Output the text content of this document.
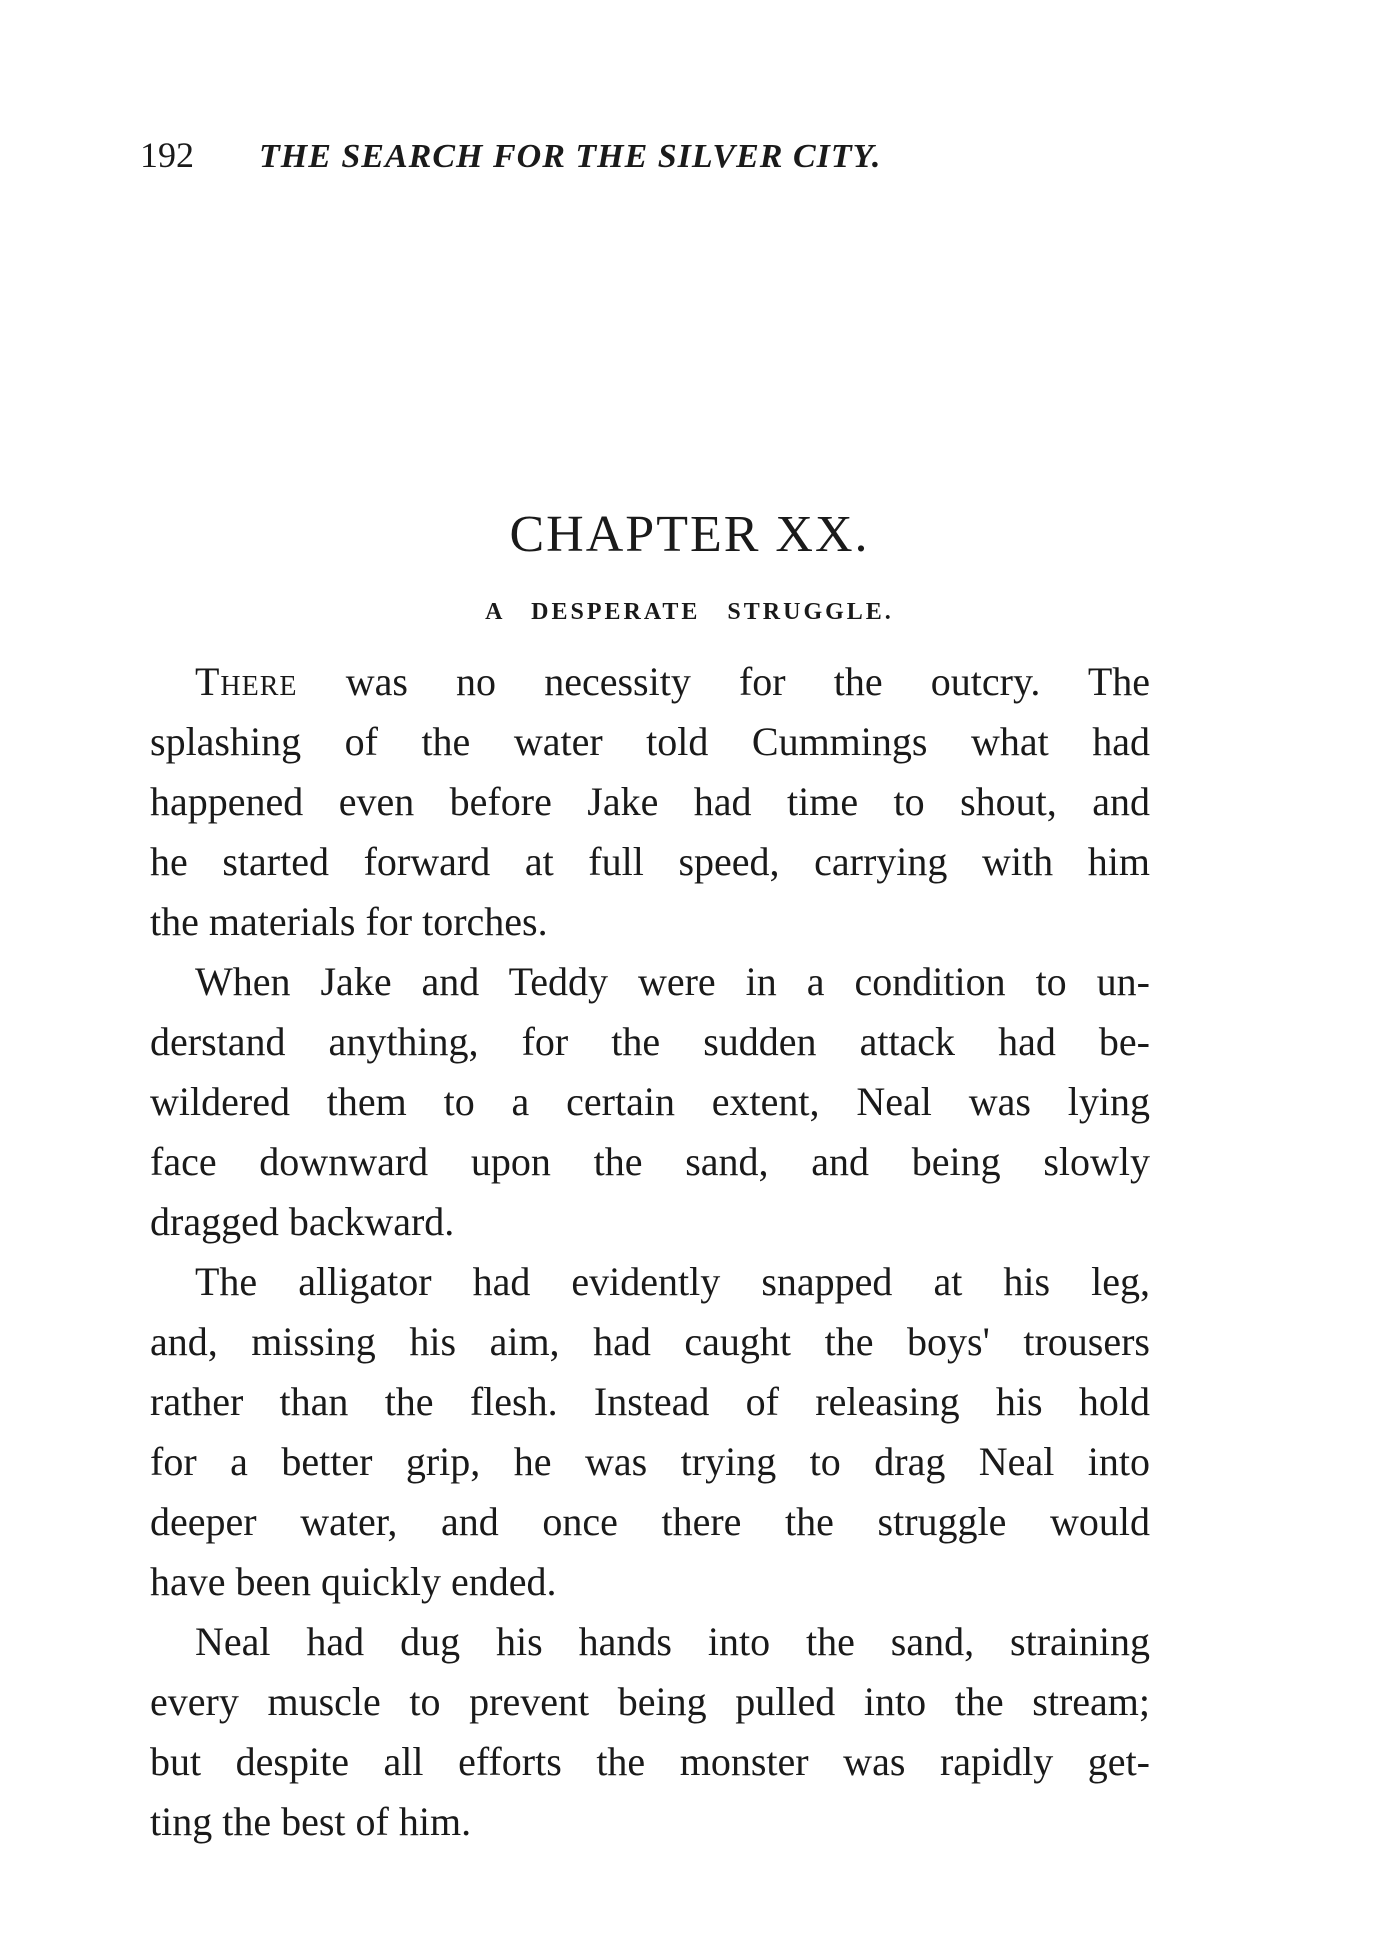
192 THE SEARCH FOR THE SILVER CITY.
CHAPTER XX.
A DESPERATE STRUGGLE.
There was no necessity for the outcry. The
splashing of the water told Cummings what had
happened even before Jake had time to shout, and
he started forward at full speed, carrying with him
the materials for torches.
When Jake and Teddy were in a condition to un-
derstand anything, for the sudden attack had be-
wildered them to a certain extent, Neal was lying
face downward upon the sand, and being slowly
dragged backward.
The alligator had evidently snapped at his leg,
and, missing his aim, had caught the boys' trousers
rather than the flesh. Instead of releasing his hold
for a better grip, he was trying to drag Neal into
deeper water, and once there the struggle would
have been quickly ended.
Neal had dug his hands into the sand, straining
every muscle to prevent being pulled into the stream;
but despite all efforts the monster was rapidly get-
ting the best of him.
